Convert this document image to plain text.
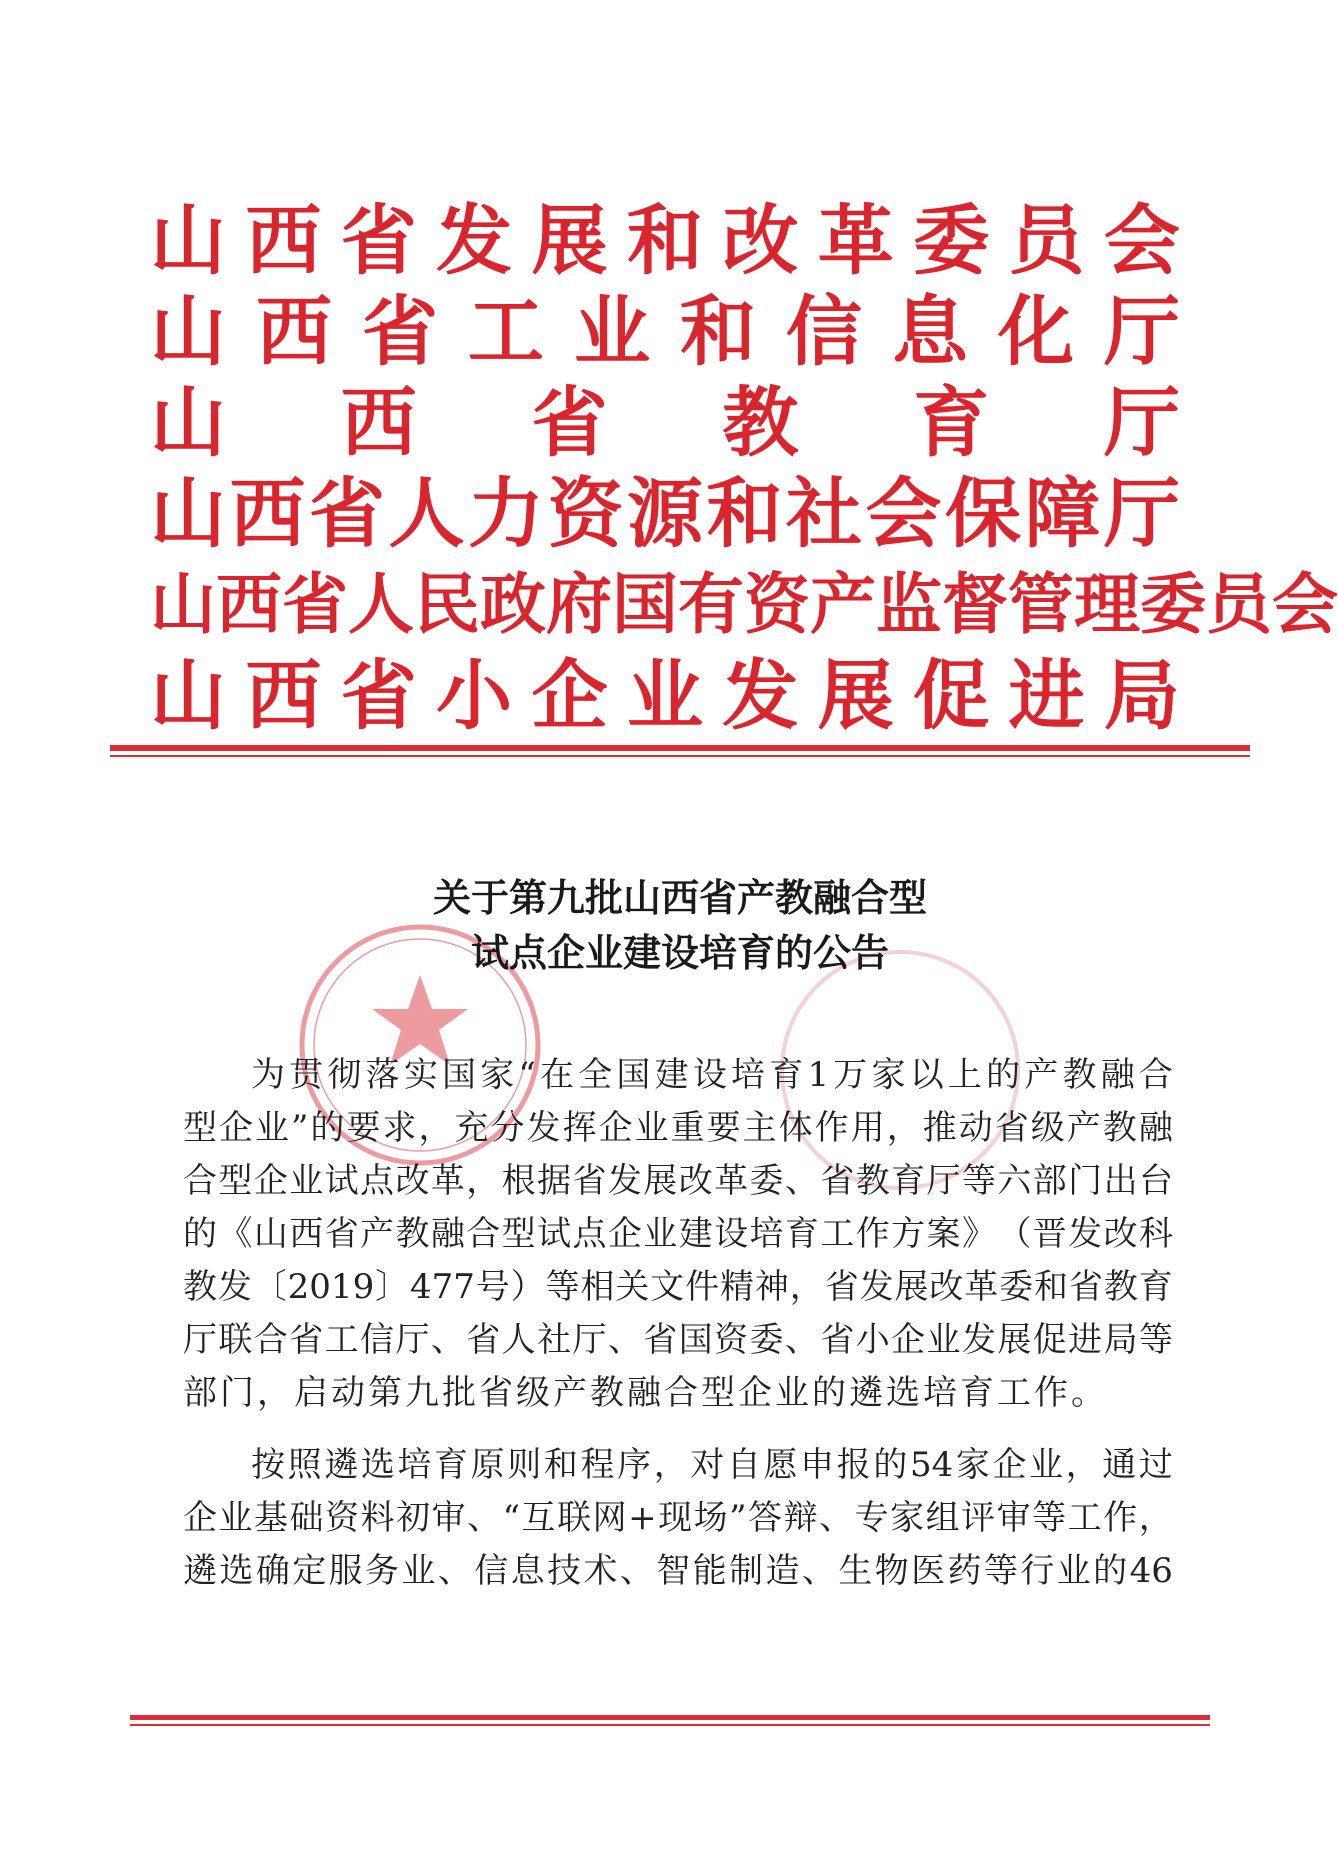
山 西 省 发 展 和 改 革 委 员 会
山 西 省 工 业 和 信 息 化 厅
山 西 省 教 育 厅
山 西 省 人 力 资 源 和 社 会 保 障 厅
山 西 省 人 民 政 府 国 有 资 产 监 督 管 理 委 员 会
山 西 省 小 企 业 发 展 促 进 局
关于第九批山西省产教融合型
试点企业建设培育的公告
为 贯 彻 落 实 国 家 “ 在 全 国 建 设 培 育 1 万 家 以 上 的 产 教 融 合
型 企 业 ” 的 要 求 ， 充 分 发 挥 企 业 重 要 主 体 作 用 ， 推 动 省 级 产 教 融
合 型 企 业 试 点 改 革 ， 根 据 省 发 展 改 革 委 、 省 教 育 厅 等 六 部 门 出 台
的 《 山 西 省 产 教 融 合 型 试 点 企 业 建 设 培 育 工 作 方 案 》 （ 晋 发 改 科
教 发 〔 2019 〕 477 号 ） 等 相 关 文 件 精 神 ， 省 发 展 改 革 委 和 省 教 育
厅 联 合 省 工 信 厅 、 省 人 社 厅 、 省 国 资 委 、 省 小 企 业 发 展 促 进 局 等
部门，启动第九批省级产教融合型企业的遴选培育工作。
按 照 遴 选 培 育 原 则 和 程 序 ， 对 自 愿 申 报 的 54 家 企 业 ， 通 过
企 业 基 础 资 料 初 审 、 “ 互 联 网 + 现 场 ” 答 辩 、 专 家 组 评 审 等 工 作 ，
遴 选 确 定 服 务 业 、 信 息 技 术 、 智 能 制 造 、 生 物 医 药 等 行 业 的 46
